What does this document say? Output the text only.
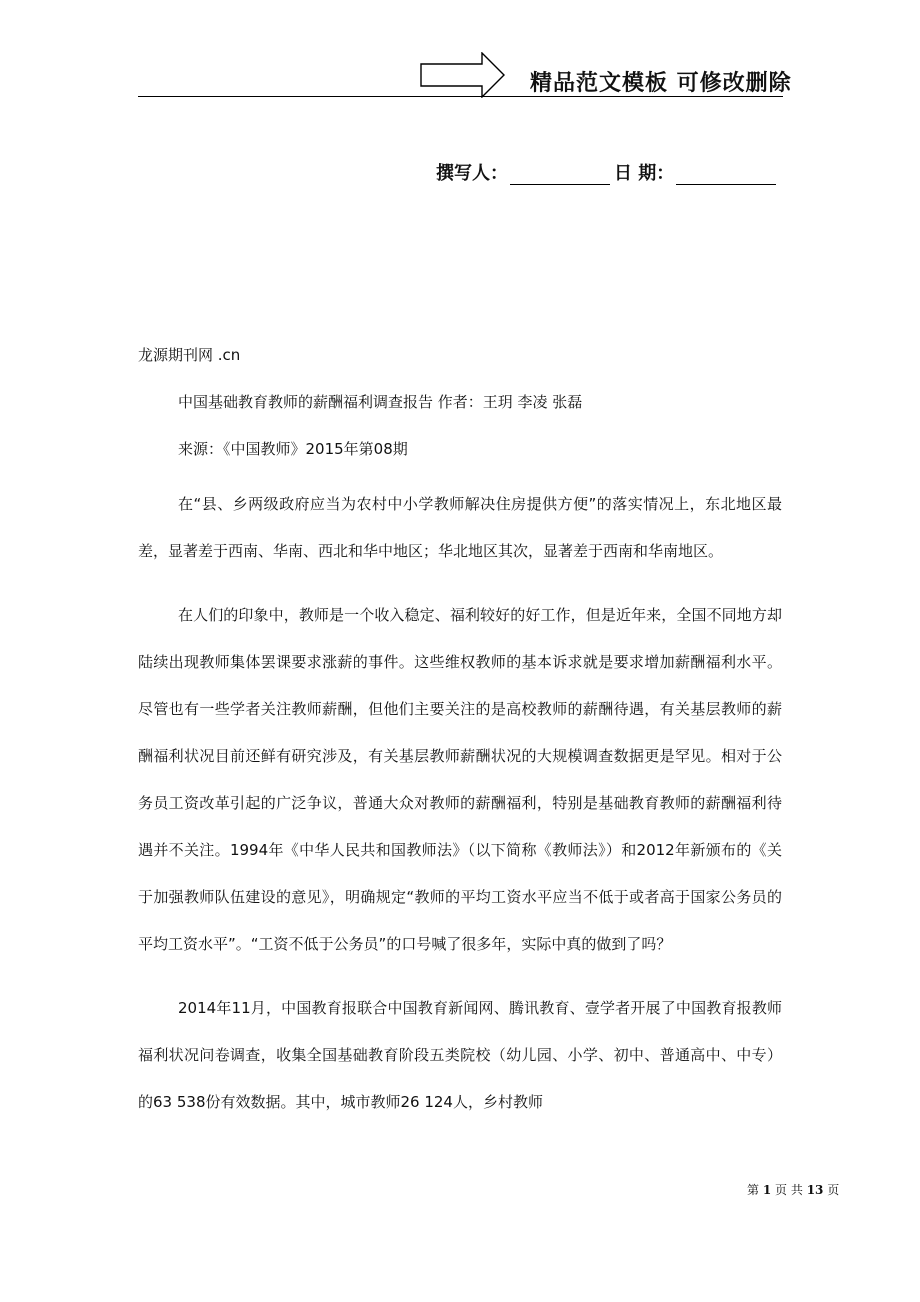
精品范文模板 可修改删除
撰写人：	日 期：
龙源期刊网 .cn
中国基础教育教师的薪酬福利调查报告 作者：王玥 李凌 张磊
来源：《中国教师》2015年第08期

在“县、乡两级政府应当为农村中小学教师解决住房提供方便”的落实情况上，东北地区最差，显著差于西南、华南、西北和华中地区；华北地区其次，显著差于西南和华南地区。

在人们的印象中，教师是一个收入稳定、福利较好的好工作，但是近年来，全国不同地方却陆续出现教师集体罢课要求涨薪的事件。这些维权教师的基本诉求就是要求增加薪酬福利水平。尽管也有一些学者关注教师薪酬，但他们主要关注的是高校教师的薪酬待遇，有关基层教师的薪酬福利状况目前还鲜有研究涉及，有关基层教师薪酬状况的大规模调查数据更是罕见。相对于公务员工资改革引起的广泛争议，普通大众对教师的薪酬福利，特别是基础教育教师的薪酬福利待遇并不关注。1994年《中华人民共和国教师法》（以下简称《教师法》）和2012年新颁布的《关于加强教师队伍建设的意见》，明确规定“教师的平均工资水平应当不低于或者高于国家公务员的平均工资水平”。“工资不低于公务员”的口号喊了很多年，实际中真的做到了吗？

2014年11月，中国教育报联合中国教育新闻网、腾讯教育、壹学者开展了中国教育报教师福利状况问卷调查，收集全国基础教育阶段五类院校（幼儿园、小学、初中、普通高中、中专）的63 538份有效数据。其中，城市教师26 124人，乡村教师

第 1 页 共 13 页
